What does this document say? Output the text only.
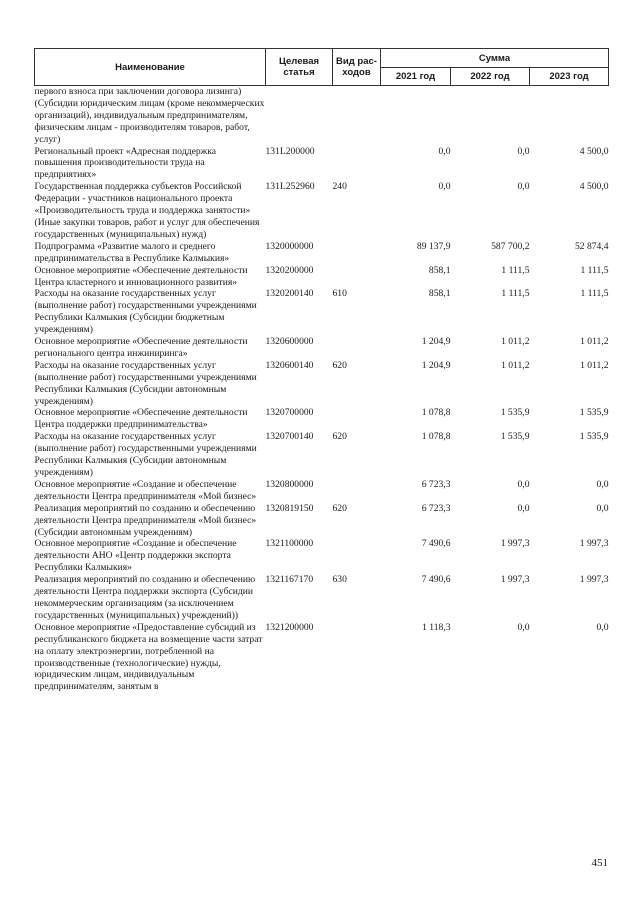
Наименование	Целевая статья	Вид рас-ходов	Сумма		
			2021 год	2022 год	2023 год
первого взноса при заключении договора лизинга) (Субсидии юридическим лицам (кроме некоммерческих организаций), индивидуальным предпринимателям, физическим лицам - производителям товаров, работ, услуг)					
Региональный проект «Адресная поддержка повышения производительности труда на предприятиях»	131L200000		0,0	0,0	4 500,0
Государственная поддержка субъектов Российской Федерации - участников национального проекта «Производительность труда и поддержка занятости» (Иные закупки товаров, работ и услуг для обеспечения государственных (муниципальных) нужд)	131L252960	240	0,0	0,0	4 500,0
Подпрограмма «Развитие малого и среднего предпринимательства в Республике Калмыкия»	1320000000		89 137,9	587 700,2	52 874,4
Основное мероприятие «Обеспечение деятельности Центра кластерного и инновационного развития»	1320200000		858,1	1 111,5	1 111,5
Расходы на оказание государственных услуг (выполнение работ) государственными учреждениями Республики Калмыкия (Субсидии бюджетным учреждениям)	1320200140	610	858,1	1 111,5	1 111,5
Основное мероприятие «Обеспечение деятельности регионального центра инжиниринга»	1320600000		1 204,9	1 011,2	1 011,2
Расходы на оказание государственных услуг (выполнение работ) государственными учреждениями Республики Калмыкия (Субсидии автономным учреждениям)	1320600140	620	1 204,9	1 011,2	1 011,2
Основное мероприятие «Обеспечение деятельности Центра поддержки предпринимательства»	1320700000		1 078,8	1 535,9	1 535,9
Расходы на оказание государственных услуг (выполнение работ) государственными учреждениями Республики Калмыкия (Субсидии автономным учреждениям)	1320700140	620	1 078,8	1 535,9	1 535,9
Основное мероприятие «Создание и обеспечение деятельности Центра предпринимателя «Мой бизнес»	1320800000		6 723,3	0,0	0,0
Реализация мероприятий по созданию и обеспечению деятельности Центра предпринимателя «Мой бизнес» (Субсидии автономным учреждениям)	1320819150	620	6 723,3	0,0	0,0
Основное мероприятие «Создание и обеспечение деятельности АНО «Центр поддержки экспорта Республики Калмыкия»	1321100000		7 490,6	1 997,3	1 997,3
Реализация мероприятий по созданию и обеспечению деятельности Центра поддержки экспорта (Субсидии некоммерческим организациям (за исключением государственных (муниципальных) учреждений))	1321167170	630	7 490,6	1 997,3	1 997,3
Основное мероприятие «Предоставление субсидий из республиканского бюджета на возмещение части затрат на оплату электроэнергии, потребленной на производственные (технологические) нужды, юридическим лицам, индивидуальным предпринимателям, занятым в	1321200000		1 118,3	0,0	0,0
451
